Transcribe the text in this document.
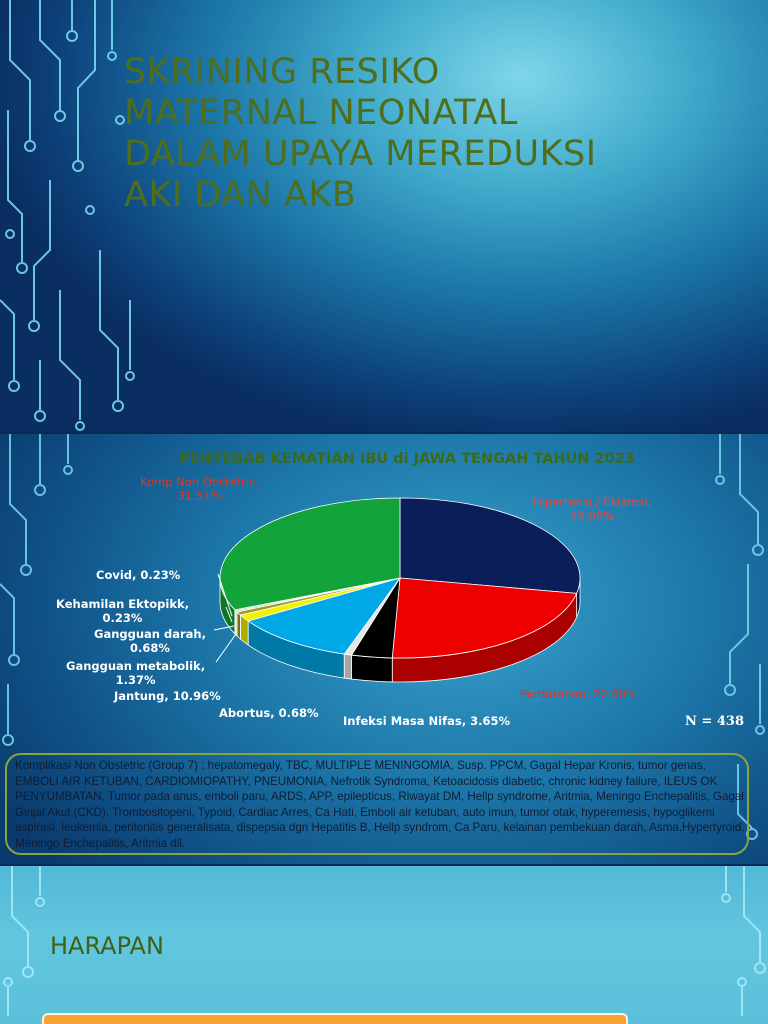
SKRINING RESIKO
MATERNAL NEONATAL
DALAM UPAYA MEREDUKSI
AKI DAN AKB
PENYEBAB KEMATIAN IBU di JAWA TENGAH TAHUN 2023
Komp Non Obstetric,
31.51%	Hipertensi / Eklamsi,
28.08%
Covid, 0.23%
Kehamilan Ektopikk,
0.23%
Gangguan darah,
0.68%
Gangguan metabolik,
1.37%
Jantung, 10.96%
Abortus, 0.68%
Infeksi Masa Nifas, 3.65%
Perdarahan, 22.60%
N = 438

Komplikasi Non Obstetric (Group 7) : hepatomegaly, TBC, MULTIPLE MENINGOMIA, Susp. PPCM, Gagal Hepar Kronis, tumor genas, EMBOLI AIR KETUBAN, CARDIOMIOPATHY, PNEUMONIA, Nefrotik Syndroma, Ketoacidosis diabetic, chronic kidney failure, ILEUS OK PENYUMBATAN, Tumor pada anus, emboli paru, ARDS, APP, epilepticus, Riwayat DM, Hellp syndrome, Aritmia, Meningo Enchepalitis, Gagal Ginjal Akut (CKD), Trombositopeni, Typoid, Cardiac Arres, Ca Hati, Emboli air ketuban, auto imun, tumor otak, hyperemesis, hypoglikemi aspirasi, leukemia, peritonitis generalisata, dispepsia dgn Hepatitis B, Hellp syndrom, Ca Paru, kelainan pembekuan darah, Asma,Hypertyroid, Meningo Enchepalitis, Aritmia dll.

HARAPAN
